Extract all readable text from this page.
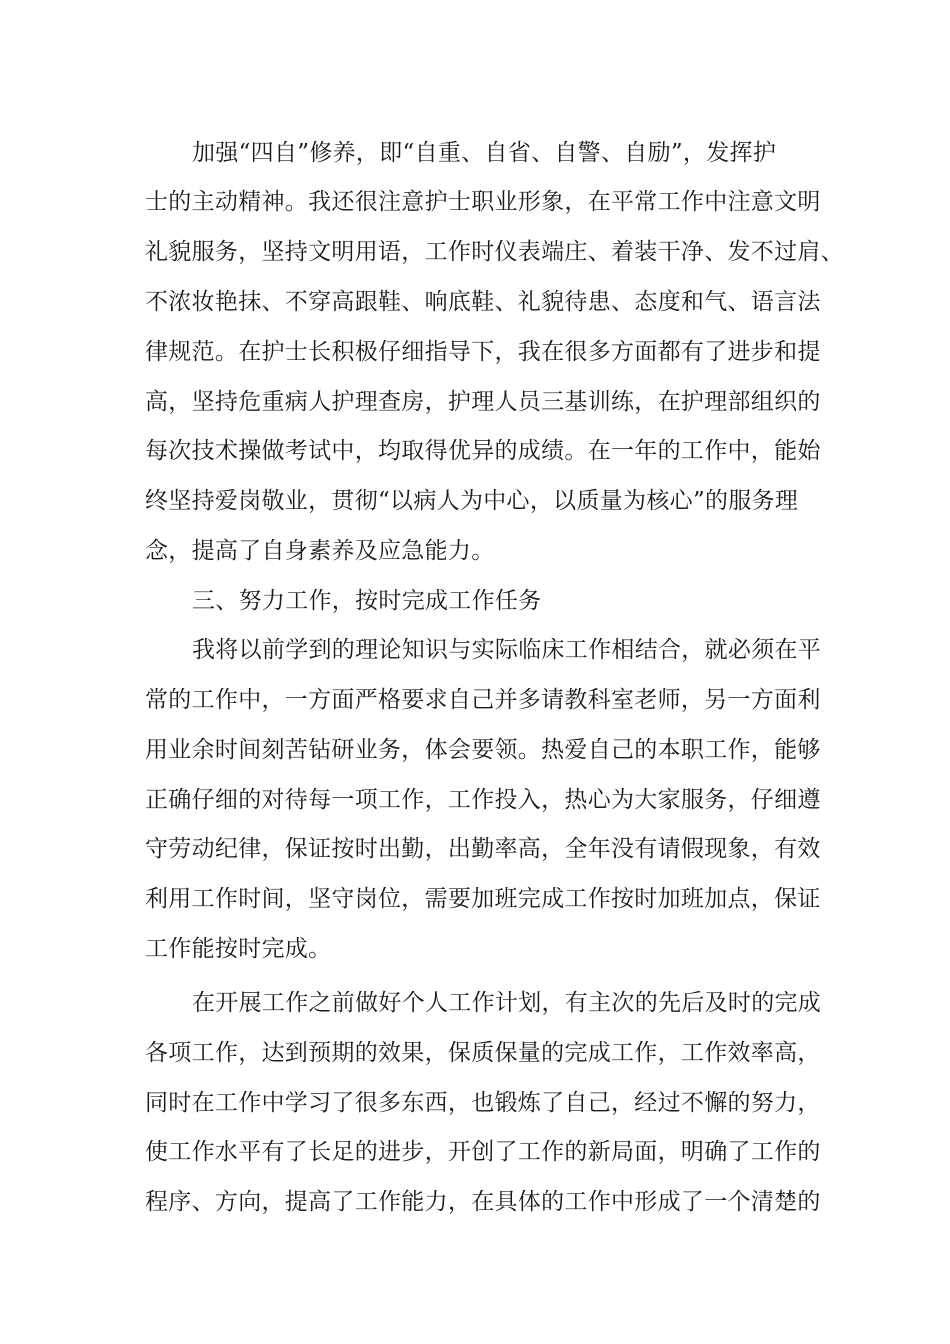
加强“四自”修养，即“自重、自省、自警、自励”，发挥护
士的主动精神。我还很注意护士职业形象，在平常工作中注意文明
礼貌服务，坚持文明用语，工作时仪表端庄、着装干净、发不过肩、
不浓妆艳抹、不穿高跟鞋、响底鞋、礼貌待患、态度和气、语言法
律规范。在护士长积极仔细指导下，我在很多方面都有了进步和提
高，坚持危重病人护理查房，护理人员三基训练，在护理部组织的
每次技术操做考试中，均取得优异的成绩。在一年的工作中，能始
终坚持爱岗敬业，贯彻“以病人为中心，以质量为核心”的服务理
念，提高了自身素养及应急能力。
三、努力工作，按时完成工作任务
我将以前学到的理论知识与实际临床工作相结合，就必须在平
常的工作中，一方面严格要求自己并多请教科室老师，另一方面利
用业余时间刻苦钻研业务，体会要领。热爱自己的本职工作，能够
正确仔细的对待每一项工作，工作投入，热心为大家服务，仔细遵
守劳动纪律，保证按时出勤，出勤率高，全年没有请假现象，有效
利用工作时间，坚守岗位，需要加班完成工作按时加班加点，保证
工作能按时完成。
在开展工作之前做好个人工作计划，有主次的先后及时的完成
各项工作，达到预期的效果，保质保量的完成工作，工作效率高，
同时在工作中学习了很多东西，也锻炼了自己，经过不懈的努力，
使工作水平有了长足的进步，开创了工作的新局面，明确了工作的
程序、方向，提高了工作能力，在具体的工作中形成了一个清楚的
